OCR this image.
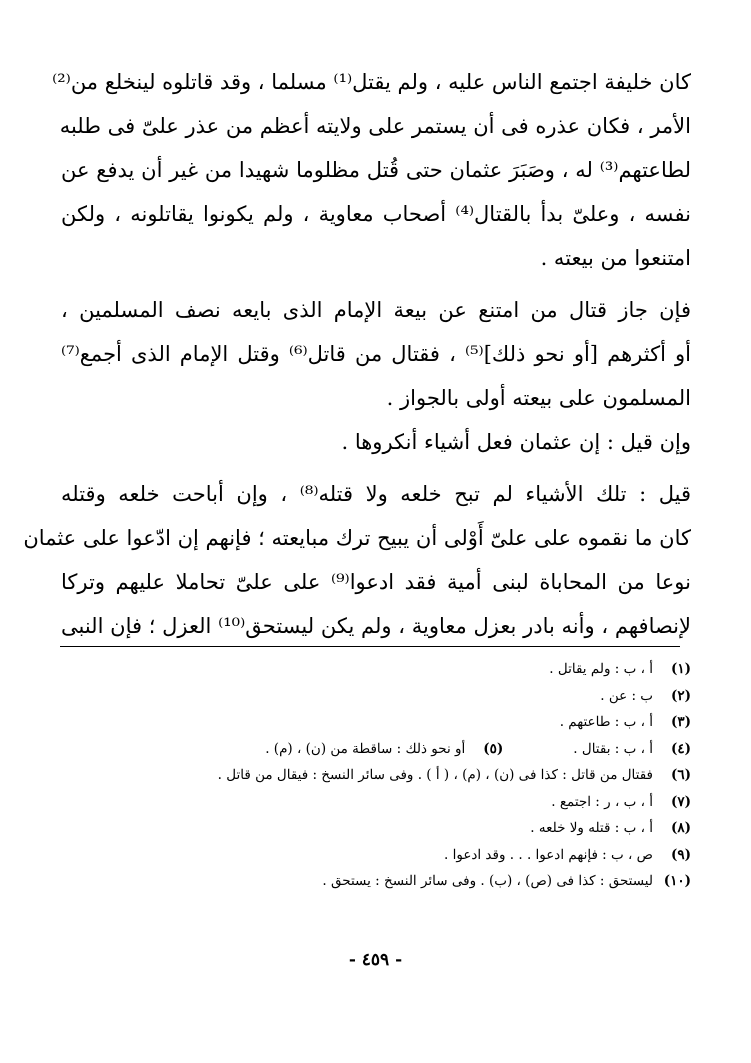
كان خليفة اجتمع الناس عليه ، ولم يقتل⁽¹⁾ مسلما ، وقد قاتلوه لينخلع من⁽²⁾
الأمر ، فكان عذره فى أن يستمر على ولايته أعظم من عذر علىّ فى طلبه
لطاعتهم⁽³⁾ له ، وصَبَرَ عثمان حتى قُتل مظلوما شهيدا من غير أن يدفع عن
نفسه ، وعلىّ بدأ بالقتال⁽⁴⁾ أصحاب معاوية ، ولم يكونوا يقاتلونه ، ولكن
امتنعوا من بيعته .
فإن جاز قتال من امتنع عن بيعة الإمام الذى بايعه نصف المسلمين ،
أو أكثرهم [أو نحو ذلك]⁽⁵⁾ ، فقتال من قاتل⁽⁶⁾ وقتل الإمام الذى أجمع⁽⁷⁾
المسلمون على بيعته أولى بالجواز .
وإن قيل : إن عثمان فعل أشياء أنكروها .
قيل : تلك الأشياء لم تبح خلعه ولا قتله⁽⁸⁾ ، وإن أباحت خلعه وقتله
كان ما نقموه على علىّ أَوْلى أن يبيح ترك مبايعته ؛ فإنهم إن ادّعوا على عثمان
نوعا من المحاباة لبنى أمية فقد ادعوا⁽⁹⁾ على علىّ تحاملا عليهم وتركا
لإنصافهم ، وأنه بادر بعزل معاوية ، ولم يكن ليستحق⁽¹⁰⁾ العزل ؛ فإن النبى
(١)
أ ، ب : ولم يقاتل .
(٢)
ب : عن .
(٣)
أ ، ب : طاعتهم .
(٤)
أ ، ب : بقتال .
(٥)
أو نحو ذلك : ساقطة من (ن) ، (م) .
(٦)
فقتال من قاتل : كذا فى (ن) ، (م) ، ( أ ) . وفى سائر النسخ : فيقال من قاتل .
(٧)
أ ، ب ، ر : اجتمع .
(٨)
أ ، ب : قتله ولا خلعه .
(٩)
ص ، ب : فإنهم ادعوا . . . وقد ادعوا .
(١٠)
ليستحق : كذا فى (ص) ، (ب) . وفى سائر النسخ : يستحق .
- ٤٥٩ -
